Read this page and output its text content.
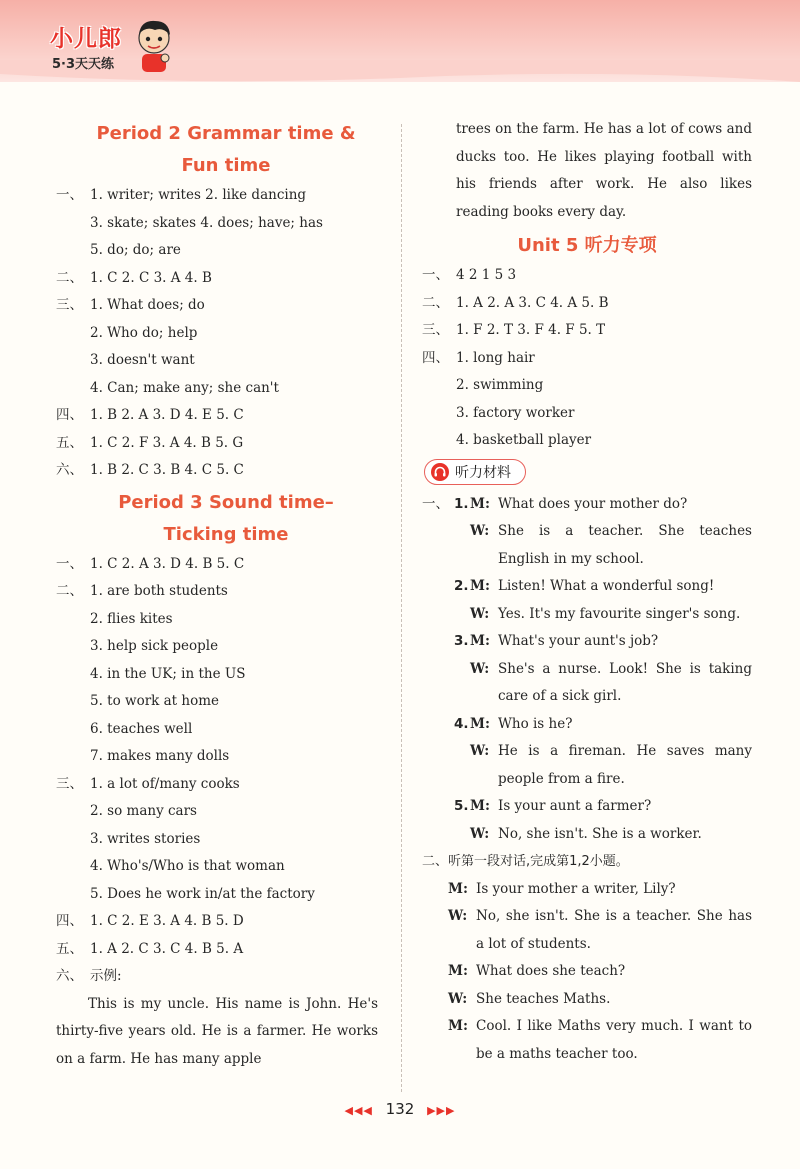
小儿郎
5·3天天练
Period 2 Grammar time &
Fun time
一、 1. writer; writes 2. like dancing
3. skate; skates 4. does; have; has
5. do; do; are
二、 1. C 2. C 3. A 4. B
三、 1. What does; do
2. Who do; help
3. doesn't want
4. Can; make any; she can't
四、 1. B 2. A 3. D 4. E 5. C
五、 1. C 2. F 3. A 4. B 5. G
六、 1. B 2. C 3. B 4. C 5. C
Period 3 Sound time–
Ticking time
一、 1. C 2. A 3. D 4. B 5. C
二、 1. are both students
2. flies kites
3. help sick people
4. in the UK; in the US
5. to work at home
6. teaches well
7. makes many dolls
三、 1. a lot of/many cooks
2. so many cars
3. writes stories
4. Who's/Who is that woman
5. Does he work in/at the factory
四、 1. C 2. E 3. A 4. B 5. D
五、 1. A 2. C 3. C 4. B 5. A
六、 示例:
This is my uncle. His name is John. He's thirty-five years old. He is a farmer. He works on a farm. He has many apple
trees on the farm. He has a lot of cows and ducks too. He likes playing football with his friends after work. He also likes reading books every day.
Unit 5 听力专项
一、 4 2 1 5 3
二、 1. A 2. A 3. C 4. A 5. B
三、 1. F 2. T 3. F 4. F 5. T
四、 1. long hair
2. swimming
3. factory worker
4. basketball player
听力材料
一、 1. M: What does your mother do?
W: She is a teacher. She teaches English in my school.
2. M: Listen! What a wonderful song!
W: Yes. It's my favourite singer's song.
3. M: What's your aunt's job?
W: She's a nurse. Look! She is taking care of a sick girl.
4. M: Who is he?
W: He is a fireman. He saves many people from a fire.
5. M: Is your aunt a farmer?
W: No, she isn't. She is a worker.
二、听第一段对话,完成第1,2小题。
M: Is your mother a writer, Lily?
W: No, she isn't. She is a teacher. She has a lot of students.
M: What does she teach?
W: She teaches Maths.
M: Cool. I like Maths very much. I want to be a maths teacher too.
◀◀◀ 132 ▶▶▶
